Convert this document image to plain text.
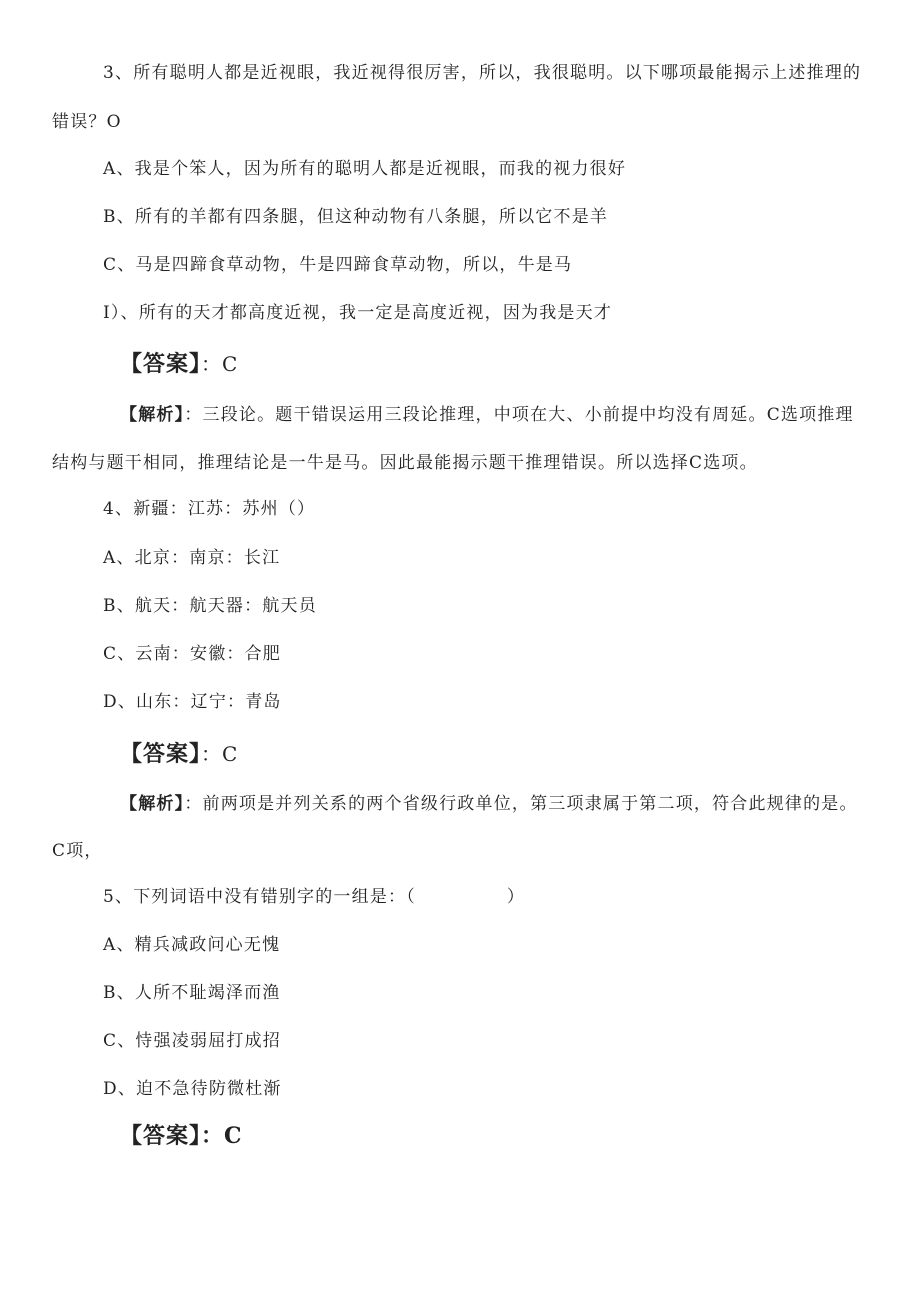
3、所有聪明人都是近视眼，我近视得很厉害，所以，我很聪明。以下哪项最能揭示上述推理的
错误？O
A、我是个笨人，因为所有的聪明人都是近视眼，而我的视力很好
B、所有的羊都有四条腿，但这种动物有八条腿，所以它不是羊
C、马是四蹄食草动物，牛是四蹄食草动物，所以，牛是马
I）、所有的天才都高度近视，我一定是高度近视，因为我是天才
【答案】：C
【解析】：三段论。题干错误运用三段论推理，中项在大、小前提中均没有周延。C选项推理
结构与题干相同，推理结论是一牛是马。因此最能揭示题干推理错误。所以选择C选项。
4、新疆：江苏：苏州（）
A、北京：南京：长江
B、航天：航天器：航天员
C、云南：安徽：合肥
D、山东：辽宁：青岛
【答案】：C
【解析】：前两项是并列关系的两个省级行政单位，第三项隶属于第二项，符合此规律的是。
C项，
5、下列词语中没有错别字的一组是：（　　　　　）
A、精兵减政问心无愧
B、人所不耻竭泽而渔
C、恃强凌弱屈打成招
D、迫不急待防微杜渐
【答案】：C
